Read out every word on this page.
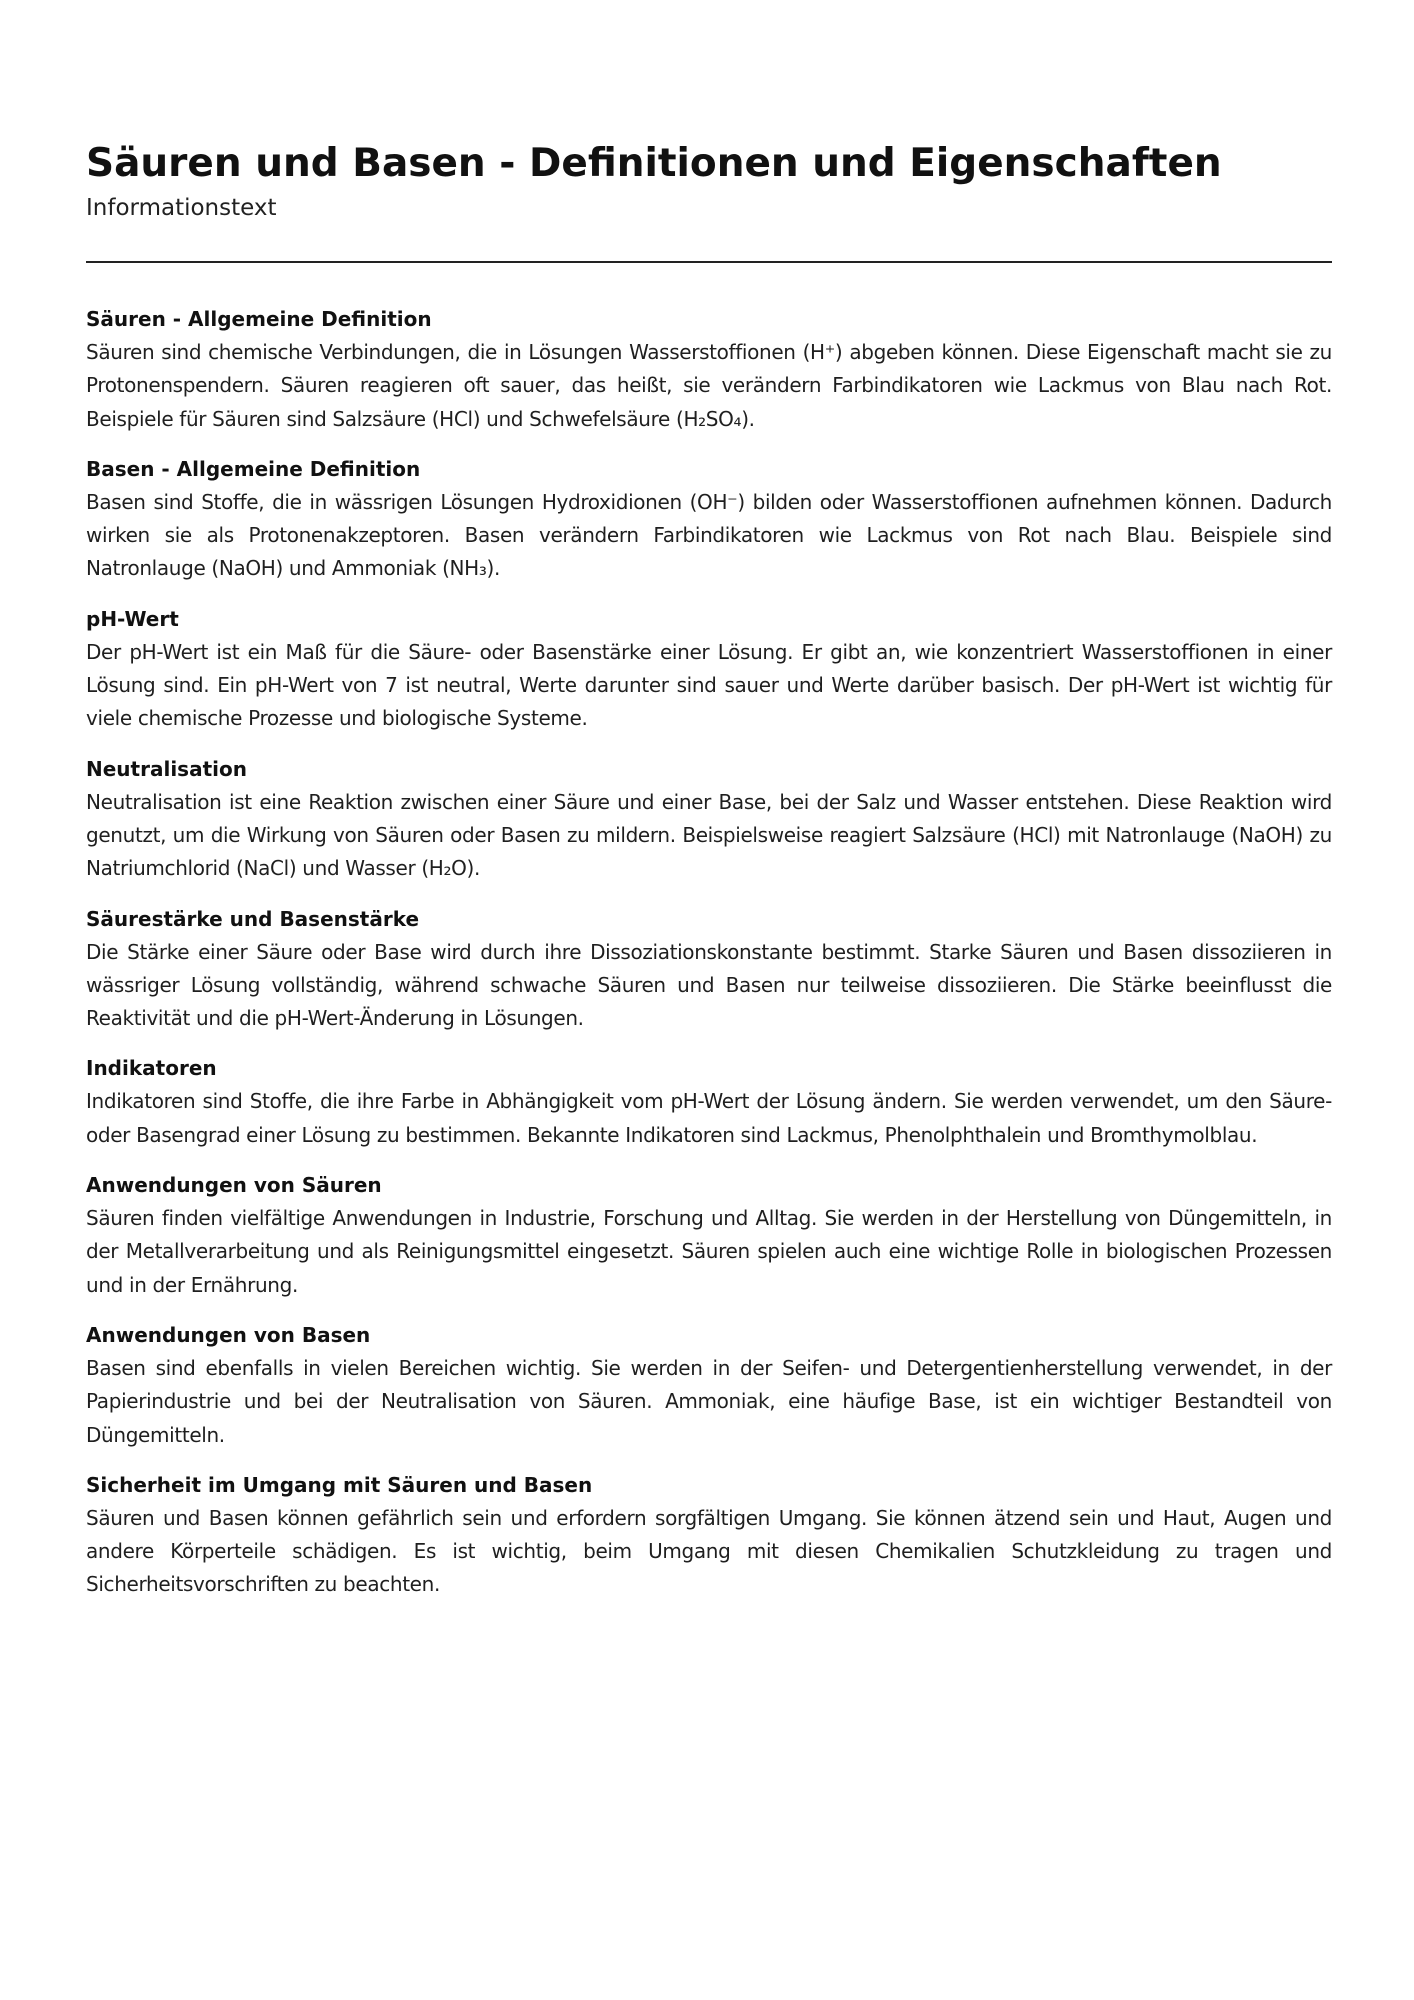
Säuren und Basen - Definitionen und Eigenschaften

Informationstext

Säuren - Allgemeine Definition

Säuren sind chemische Verbindungen, die in Lösungen Wasserstoffionen (H⁺) abgeben können. Diese Eigenschaft macht sie zu Protonenspendern. Säuren reagieren oft sauer, das heißt, sie verändern Farbindikatoren wie Lackmus von Blau nach Rot. Beispiele für Säuren sind Salzsäure (HCl) und Schwefelsäure (H₂SO₄).

Basen - Allgemeine Definition

Basen sind Stoffe, die in wässrigen Lösungen Hydroxidionen (OH⁻) bilden oder Wasserstoffionen aufnehmen können. Dadurch wirken sie als Protonenakzeptoren. Basen verändern Farbindikatoren wie Lackmus von Rot nach Blau. Beispiele sind Natronlauge (NaOH) und Ammoniak (NH₃).

pH-Wert

Der pH-Wert ist ein Maß für die Säure- oder Basenstärke einer Lösung. Er gibt an, wie konzentriert Wasserstoffionen in einer Lösung sind. Ein pH-Wert von 7 ist neutral, Werte darunter sind sauer und Werte darüber basisch. Der pH-Wert ist wichtig für viele chemische Prozesse und biologische Systeme.

Neutralisation

Neutralisation ist eine Reaktion zwischen einer Säure und einer Base, bei der Salz und Wasser entstehen. Diese Reaktion wird genutzt, um die Wirkung von Säuren oder Basen zu mildern. Beispielsweise reagiert Salzsäure (HCl) mit Natronlauge (NaOH) zu Natriumchlorid (NaCl) und Wasser (H₂O).

Säurestärke und Basenstärke

Die Stärke einer Säure oder Base wird durch ihre Dissoziationskonstante bestimmt. Starke Säuren und Basen dissoziieren in wässriger Lösung vollständig, während schwache Säuren und Basen nur teilweise dissoziieren. Die Stärke beeinflusst die Reaktivität und die pH-Wert-Änderung in Lösungen.

Indikatoren

Indikatoren sind Stoffe, die ihre Farbe in Abhängigkeit vom pH-Wert der Lösung ändern. Sie werden verwendet, um den Säure- oder Basengrad einer Lösung zu bestimmen. Bekannte Indikatoren sind Lackmus, Phenolphthalein und Bromthymolblau.

Anwendungen von Säuren

Säuren finden vielfältige Anwendungen in Industrie, Forschung und Alltag. Sie werden in der Herstellung von Düngemitteln, in der Metallverarbeitung und als Reinigungsmittel eingesetzt. Säuren spielen auch eine wichtige Rolle in biologischen Prozessen und in der Ernährung.

Anwendungen von Basen

Basen sind ebenfalls in vielen Bereichen wichtig. Sie werden in der Seifen- und Detergentienherstellung verwendet, in der Papierindustrie und bei der Neutralisation von Säuren. Ammoniak, eine häufige Base, ist ein wichtiger Bestandteil von Düngemitteln.

Sicherheit im Umgang mit Säuren und Basen

Säuren und Basen können gefährlich sein und erfordern sorgfältigen Umgang. Sie können ätzend sein und Haut, Augen und andere Körperteile schädigen. Es ist wichtig, beim Umgang mit diesen Chemikalien Schutzkleidung zu tragen und Sicherheitsvorschriften zu beachten.
